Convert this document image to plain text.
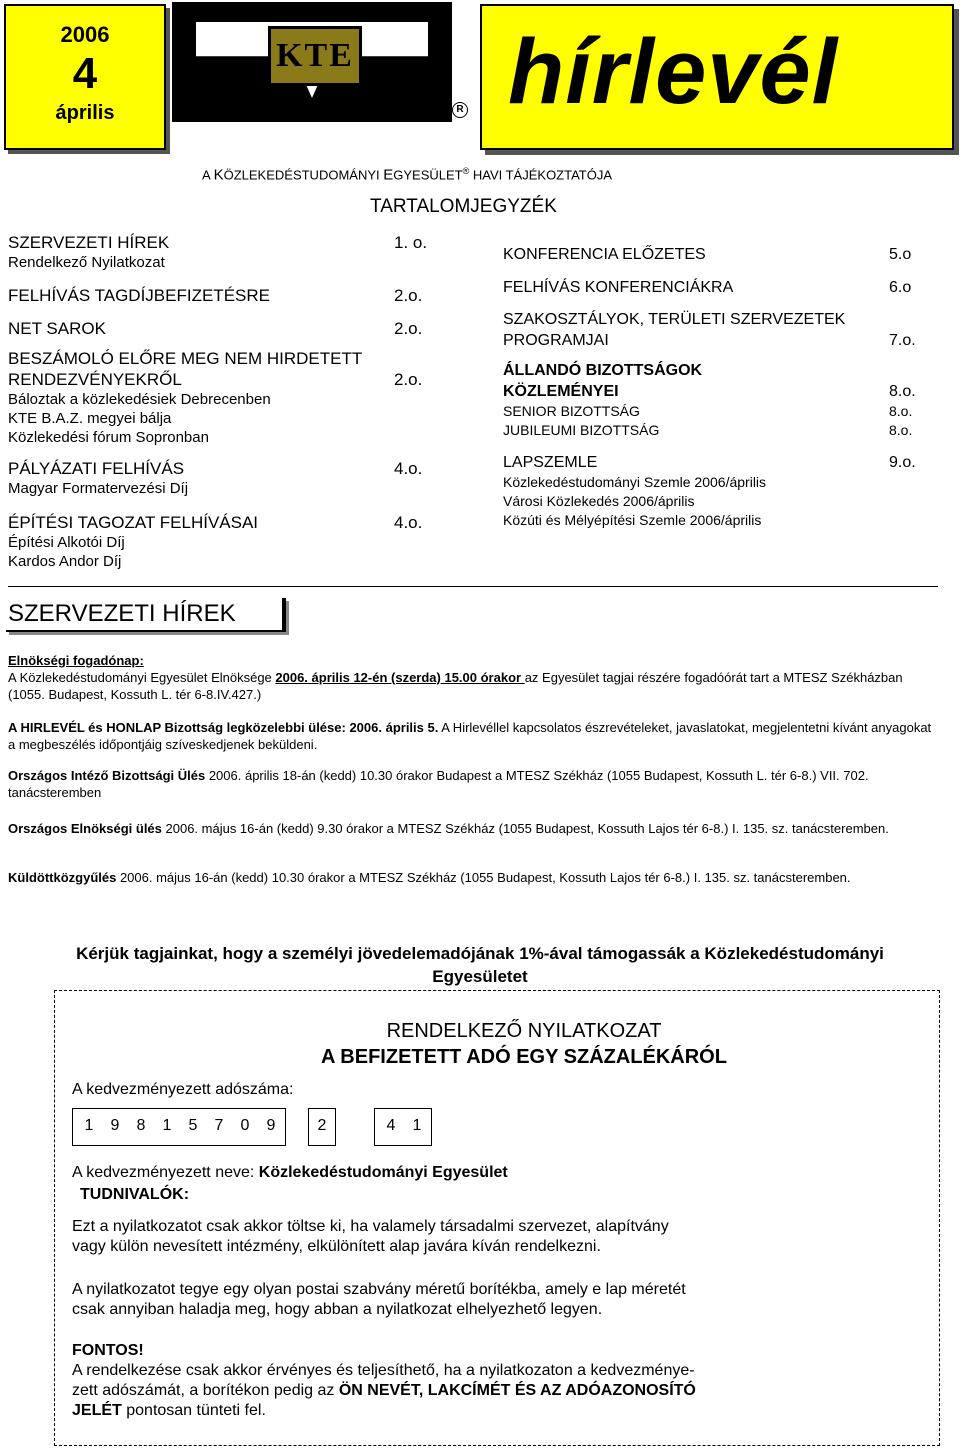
2006
4
április
KTE
R hírlevél
A KÖZLEKEDÉSTUDOMÁNYI EGYESÜLET® HAVI TÁJÉKOZTATÓJA
TARTALOMJEGYZÉK
SZERVEZETI HÍREK	1. o.
Rendelkező Nyilatkozat
FELHÍVÁS TAGDÍJBEFIZETÉSRE	2.o.
NET SAROK	2.o.
BESZÁMOLÓ ELŐRE MEG NEM HIRDETETT
RENDEZVÉNYEKRŐL	2.o.
Báloztak a közlekedésiek Debrecenben
KTE B.A.Z. megyei bálja
Közlekedési fórum Sopronban
PÁLYÁZATI FELHÍVÁS	4.o.
Magyar Formatervezési Díj
ÉPÍTÉSI TAGOZAT FELHÍVÁSAI	4.o.
Építési Alkotói Díj
Kardos Andor Díj
KONFERENCIA ELŐZETES	5.o
FELHÍVÁS KONFERENCIÁKRA	6.o
SZAKOSZTÁLYOK, TERÜLETI SZERVEZETEK
PROGRAMJAI	7.o.
ÁLLANDÓ BIZOTTSÁGOK
KÖZLEMÉNYEI	8.o.
SENIOR BIZOTTSÁG	8.o.
JUBILEUMI BIZOTTSÁG	8.o.
LAPSZEMLE	9.o.
Közlekedéstudományi Szemle 2006/április
Városi Közlekedés 2006/április
Közúti és Mélyépítési Szemle 2006/április
SZERVEZETI HÍREK
Elnökségi fogadónap:
A Közlekedéstudományi Egyesület Elnöksége 2006. április 12-én (szerda) 15.00 órakor az Egyesület tagjai részére fogadóórát tart a MTESZ Székházban (1055. Budapest, Kossuth L. tér 6-8.IV.427.)
A HIRLEVÉL és HONLAP Bizottság legközelebbi ülése: 2006. április 5. A Hirlevéllel kapcsolatos észrevételeket, javaslatokat, megjelentetni kívánt anyagokat a megbeszélés időpontjáig szíveskedjenek beküldeni.
Országos Intéző Bizottsági Ülés 2006. április 18-án (kedd) 10.30 órakor Budapest a MTESZ Székház (1055 Budapest, Kossuth L. tér 6-8.) VII. 702. tanácsteremben
Országos Elnökségi ülés 2006. május 16-án (kedd) 9.30 órakor a MTESZ Székház (1055 Budapest, Kossuth Lajos tér 6-8.) I. 135. sz. tanácsteremben.
Küldöttközgyűlés 2006. május 16-án (kedd) 10.30 órakor a MTESZ Székház (1055 Budapest, Kossuth Lajos tér 6-8.) I. 135. sz. tanácsteremben.
Kérjük tagjainkat, hogy a személyi jövedelemadójának 1%-ával támogassák a Közlekedéstudományi
Egyesületet
RENDELKEZŐ NYILATKOZAT
A BEFIZETETT ADÓ EGY SZÁZALÉKÁRÓL
A kedvezményezett adószáma:
1	9	8	1	5	7	0	9	2	4	1
A kedvezményezett neve: Közlekedéstudományi Egyesület
TUDNIVALÓK:
Ezt a nyilatkozatot csak akkor töltse ki, ha valamely társadalmi szervezet, alapítvány
vagy külön nevesített intézmény, elkülönített alap javára kíván rendelkezni.
A nyilatkozatot tegye egy olyan postai szabvány méretű borítékba, amely e lap méretét
csak annyiban haladja meg, hogy abban a nyilatkozat elhelyezhető legyen.
FONTOS!
A rendelkezése csak akkor érvényes és teljesíthető, ha a nyilatkozaton a kedvezménye-
zett adószámát, a borítékon pedig az ÖN NEVÉT, LAKCÍMÉT ÉS AZ ADÓAZONOSÍTÓ
JELÉT pontosan tünteti fel.
